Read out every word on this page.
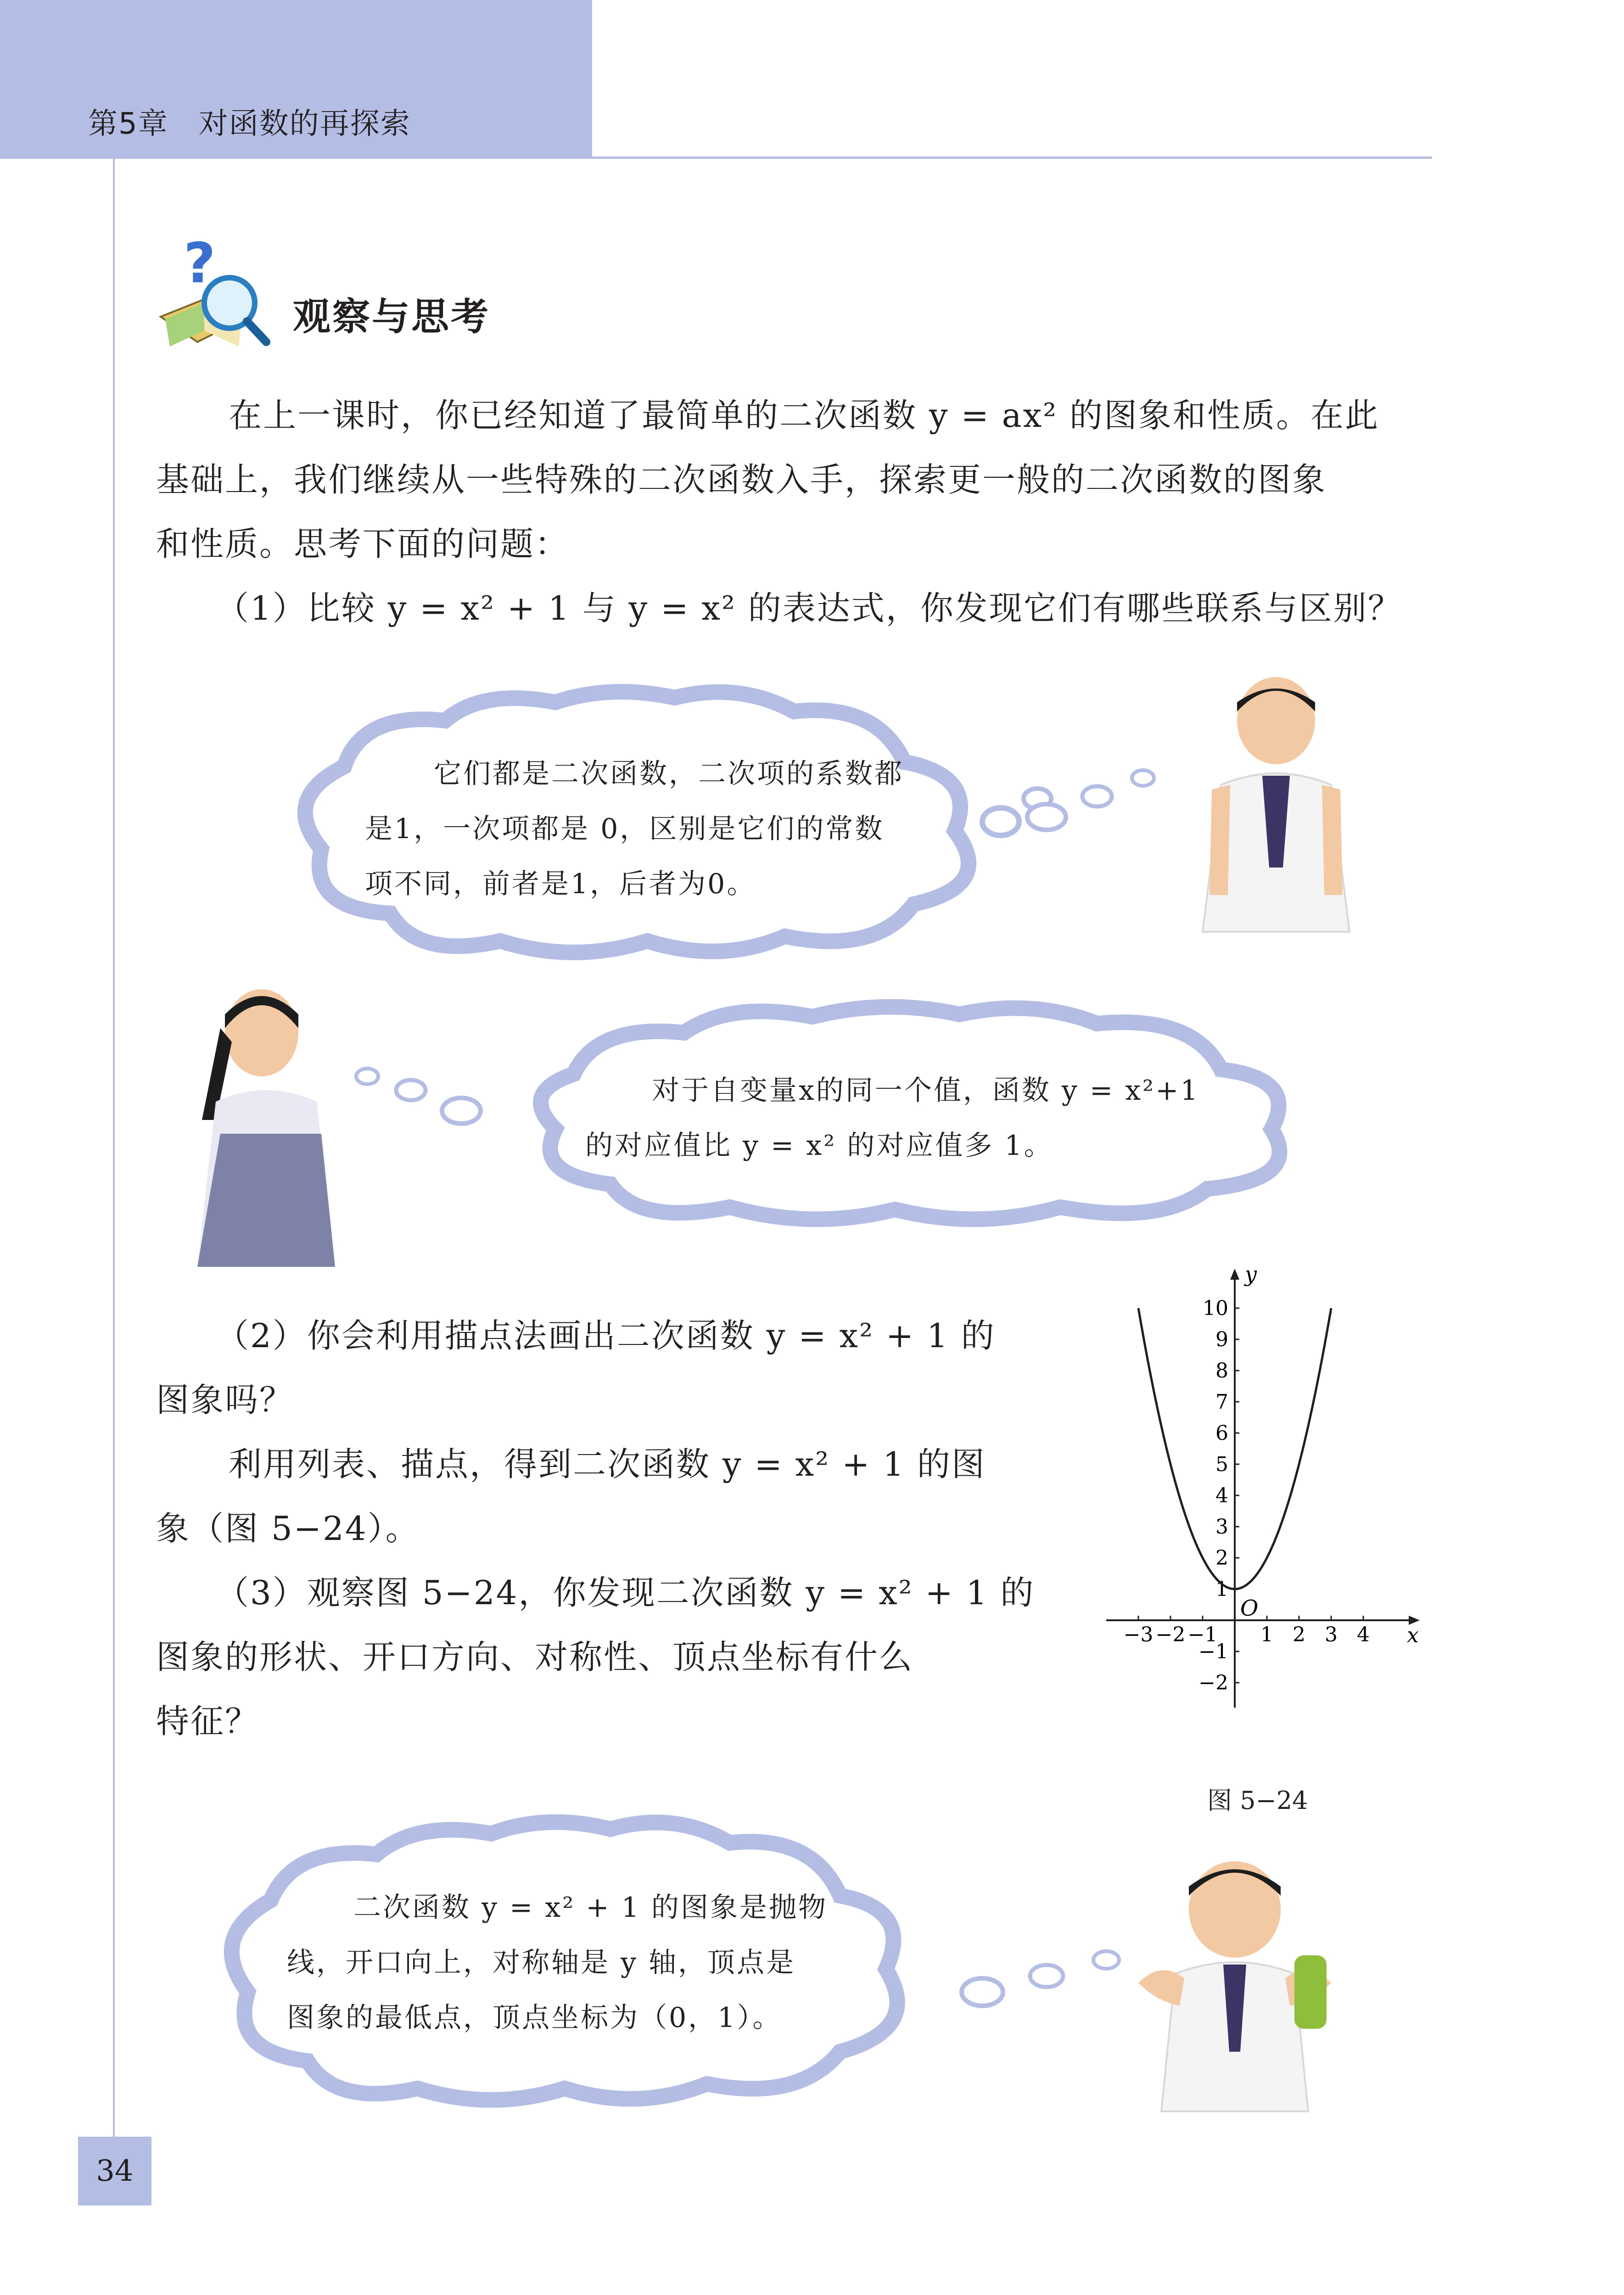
第5章　对函数的再探索
?
观察与思考
在上一课时，你已经知道了最简单的二次函数 y = ax² 的图象和性质。在此
基础上，我们继续从一些特殊的二次函数入手，探索更一般的二次函数的图象
和性质。思考下面的问题：
（1）比较 y = x² + 1 与 y = x² 的表达式，你发现它们有哪些联系与区别？
它们都是二次函数，二次项的系数都
是1，一次项都是 0，区别是它们的常数
项不同，前者是1，后者为0。
对于自变量x的同一个值，函数 y = x²+1
的对应值比 y = x² 的对应值多 1。
（2）你会利用描点法画出二次函数 y = x² + 1 的
图象吗？
利用列表、描点，得到二次函数 y = x² + 1 的图
象（图 5−24）。
（3）观察图 5−24，你发现二次函数 y = x² + 1 的
图象的形状、开口方向、对称性、顶点坐标有什么
特征？
−3 −2 −1 1 2 3 4
10
9
8
7
6
5
4
3
2
1
−1
−2
x
y
O
图 5−24
二次函数 y = x² + 1 的图象是抛物
线，开口向上，对称轴是 y 轴，顶点是
图象的最低点，顶点坐标为（0，1）。
34
